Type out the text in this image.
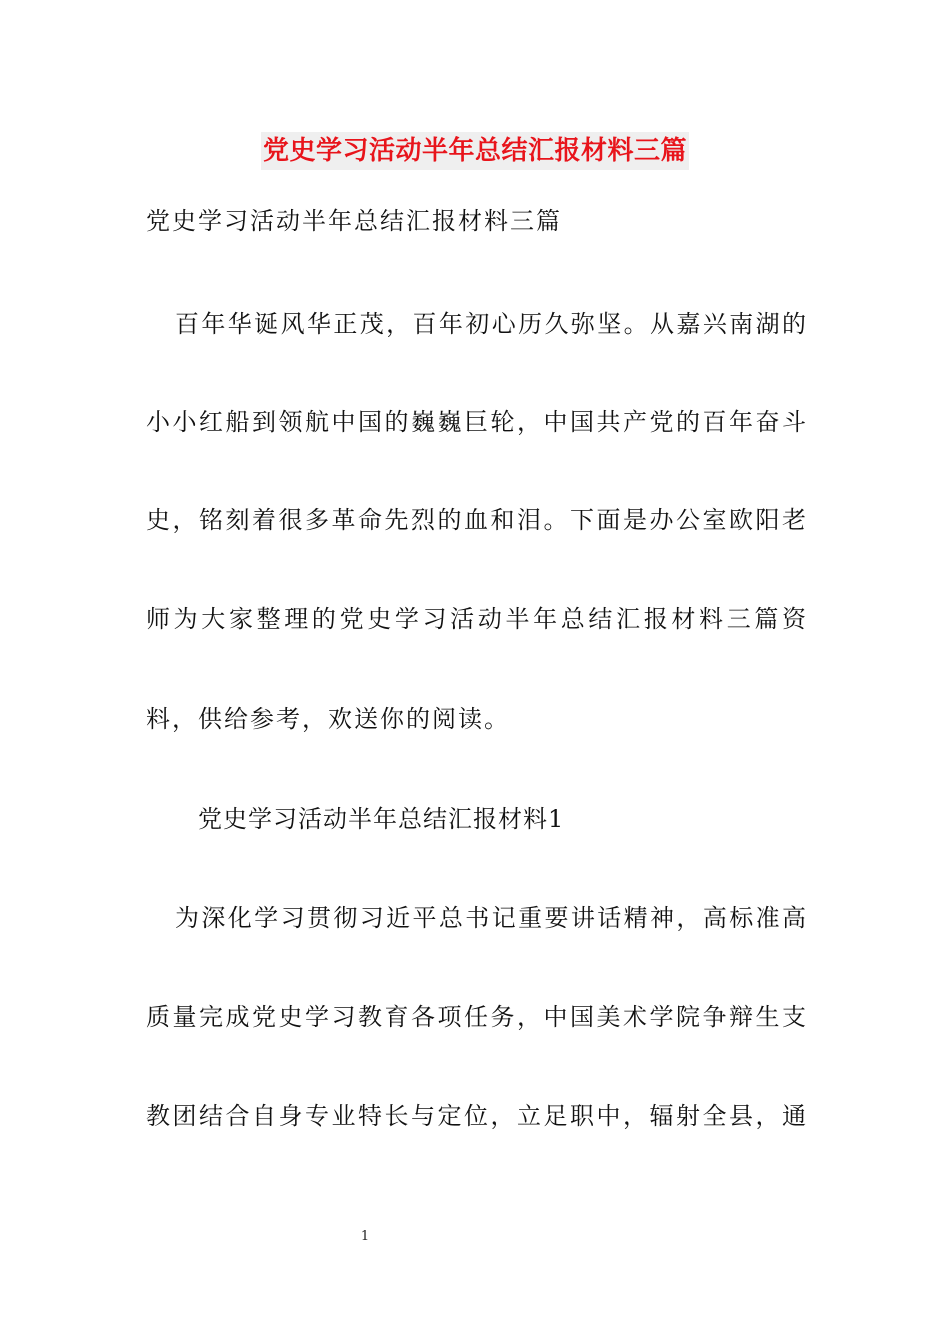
党史学习活动半年总结汇报材料三篇
党史学习活动半年总结汇报材料三篇
百年华诞风华正茂，百年初心历久弥坚。从嘉兴南湖的
小小红船到领航中国的巍巍巨轮，中国共产党的百年奋斗
史，铭刻着很多革命先烈的血和泪。下面是办公室欧阳老
师为大家整理的党史学习活动半年总结汇报材料三篇资
料，供给参考，欢送你的阅读。
党史学习活动半年总结汇报材料1
为深化学习贯彻习近平总书记重要讲话精神，高标准高
质量完成党史学习教育各项任务，中国美术学院争辩生支
教团结合自身专业特长与定位，立足职中，辐射全县，通
1
